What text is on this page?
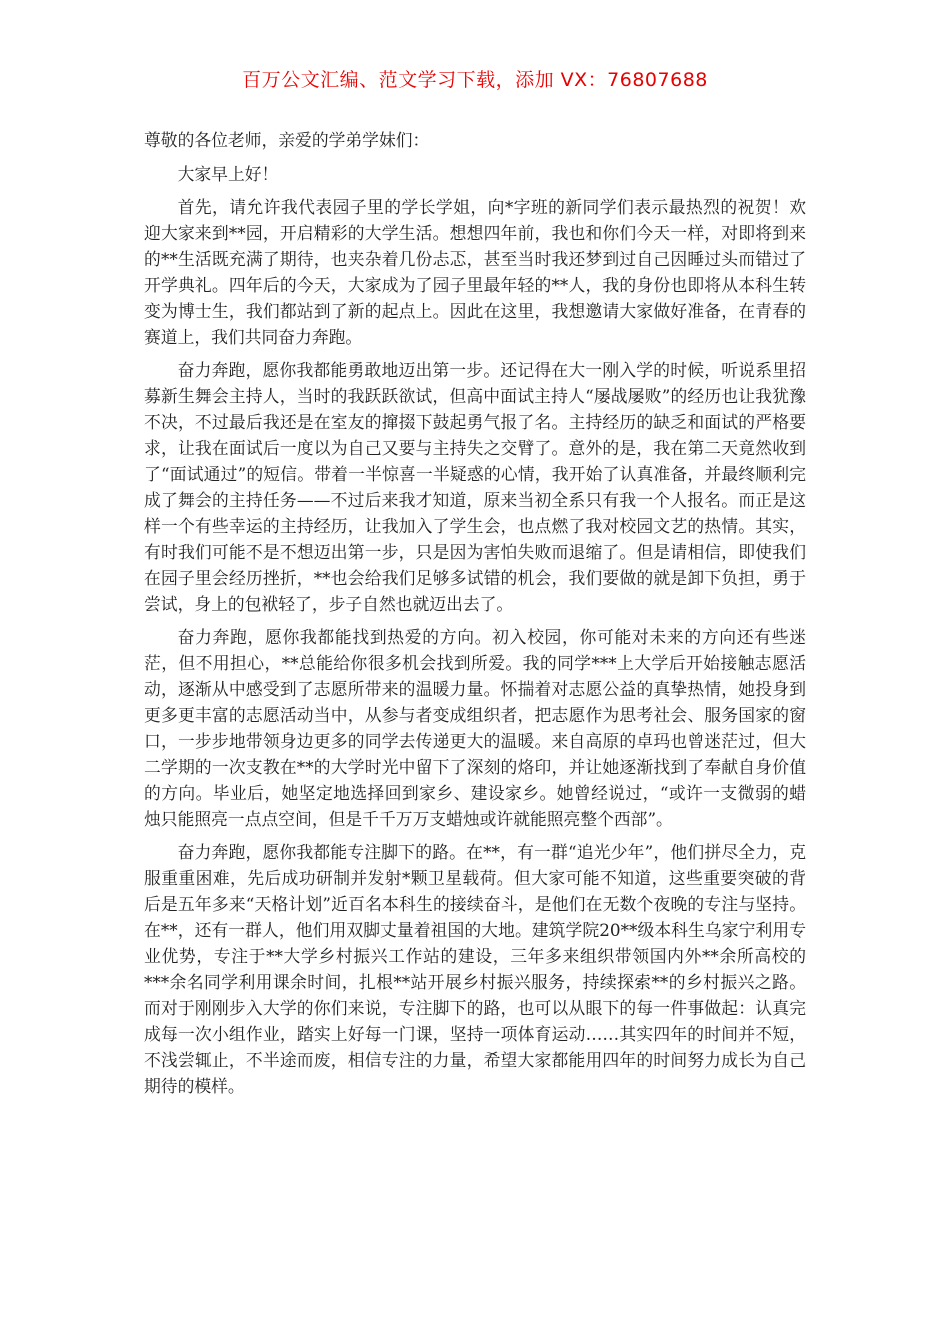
百万公文汇编、范文学习下载，添加 VX：76807688

尊敬的各位老师，亲爱的学弟学妹们：

大家早上好！

首先，请允许我代表园子里的学长学姐，向*字班的新同学们表示最热烈的祝贺！欢迎大家来到**园，开启精彩的大学生活。想想四年前，我也和你们今天一样，对即将到来的**生活既充满了期待，也夹杂着几份忐忑，甚至当时我还梦到过自己因睡过头而错过了开学典礼。四年后的今天，大家成为了园子里最年轻的**人，我的身份也即将从本科生转变为博士生，我们都站到了新的起点上。因此在这里，我想邀请大家做好准备，在青春的赛道上，我们共同奋力奔跑。

奋力奔跑，愿你我都能勇敢地迈出第一步。还记得在大一刚入学的时候，听说系里招募新生舞会主持人，当时的我跃跃欲试，但高中面试主持人“屡战屡败”的经历也让我犹豫不决，不过最后我还是在室友的撺掇下鼓起勇气报了名。主持经历的缺乏和面试的严格要求，让我在面试后一度以为自己又要与主持失之交臂了。意外的是，我在第二天竟然收到了“面试通过”的短信。带着一半惊喜一半疑惑的心情，我开始了认真准备，并最终顺利完成了舞会的主持任务——不过后来我才知道，原来当初全系只有我一个人报名。而正是这样一个有些幸运的主持经历，让我加入了学生会，也点燃了我对校园文艺的热情。其实，有时我们可能不是不想迈出第一步，只是因为害怕失败而退缩了。但是请相信，即使我们在园子里会经历挫折，**也会给我们足够多试错的机会，我们要做的就是卸下负担，勇于尝试，身上的包袱轻了，步子自然也就迈出去了。

奋力奔跑，愿你我都能找到热爱的方向。初入校园，你可能对未来的方向还有些迷茫，但不用担心，**总能给你很多机会找到所爱。我的同学***上大学后开始接触志愿活动，逐渐从中感受到了志愿所带来的温暖力量。怀揣着对志愿公益的真挚热情，她投身到更多更丰富的志愿活动当中，从参与者变成组织者，把志愿作为思考社会、服务国家的窗口，一步步地带领身边更多的同学去传递更大的温暖。来自高原的卓玛也曾迷茫过，但大二学期的一次支教在**的大学时光中留下了深刻的烙印，并让她逐渐找到了奉献自身价值的方向。毕业后，她坚定地选择回到家乡、建设家乡。她曾经说过，“或许一支微弱的蜡烛只能照亮一点点空间，但是千千万万支蜡烛或许就能照亮整个西部”。

奋力奔跑，愿你我都能专注脚下的路。在**，有一群“追光少年”，他们拼尽全力，克服重重困难，先后成功研制并发射*颗卫星载荷。但大家可能不知道，这些重要突破的背后是五年多来“天格计划”近百名本科生的接续奋斗，是他们在无数个夜晚的专注与坚持。在**，还有一群人，他们用双脚丈量着祖国的大地。建筑学院20**级本科生乌家宁利用专业优势，专注于**大学乡村振兴工作站的建设，三年多来组织带领国内外**余所高校的***余名同学利用课余时间，扎根**站开展乡村振兴服务，持续探索**的乡村振兴之路。而对于刚刚步入大学的你们来说，专注脚下的路，也可以从眼下的每一件事做起：认真完成每一次小组作业，踏实上好每一门课，坚持一项体育运动……其实四年的时间并不短，不浅尝辄止，不半途而废，相信专注的力量，希望大家都能用四年的时间努力成长为自己期待的模样。
